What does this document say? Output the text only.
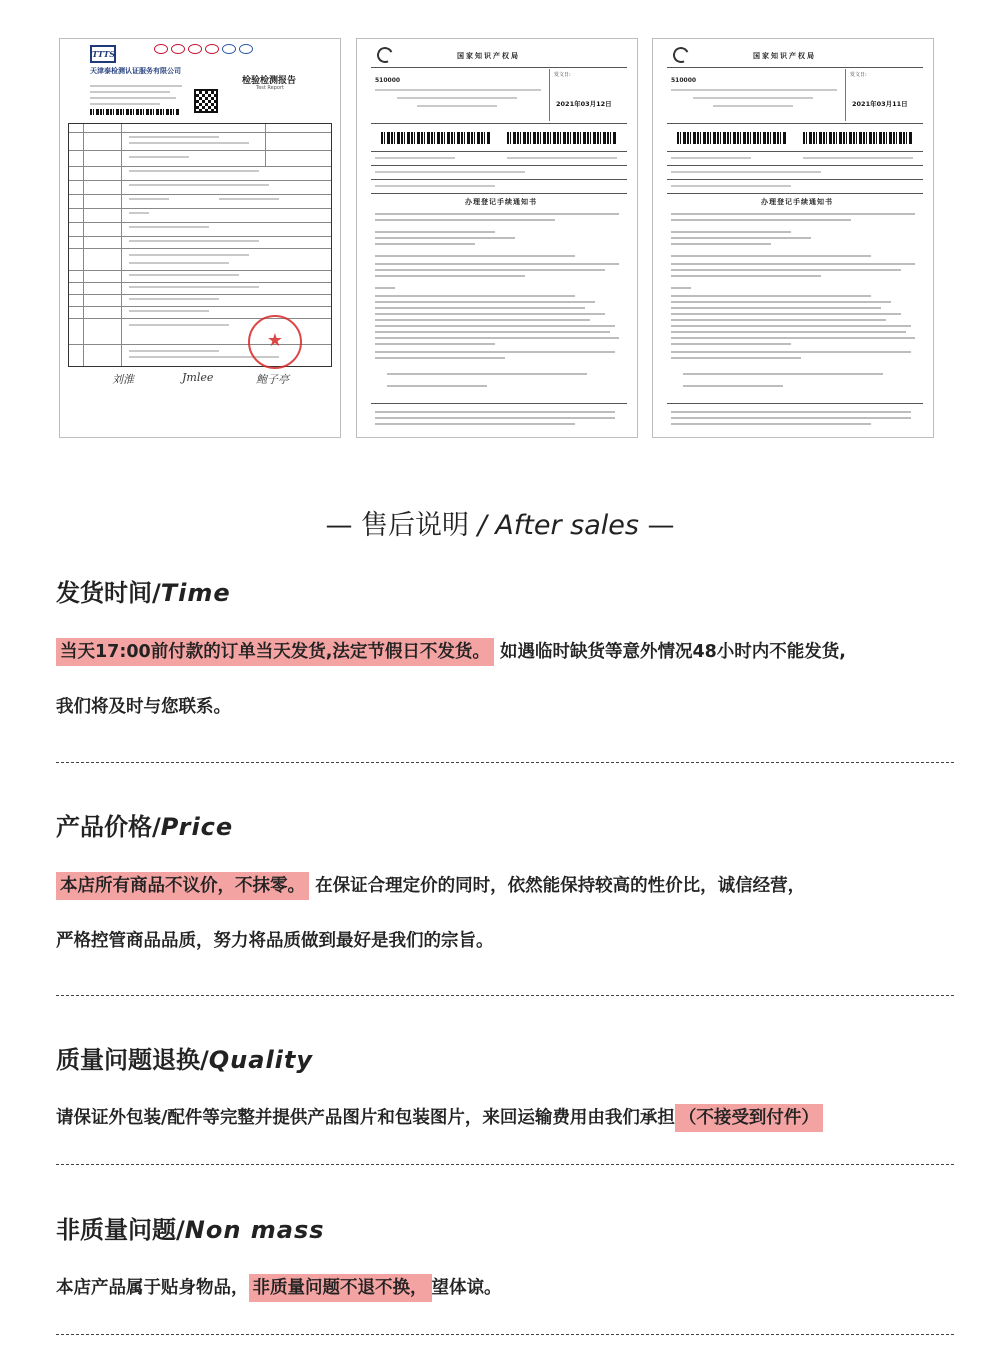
TTTS
天津泰检测认证服务有限公司
检验检测报告
Test Report
★
刘淮	Jmlee	鲍子亭
国家知识产权局
510000
发文日:
2021年03月12日
办理登记手续通知书
国家知识产权局
510000
发文日:
2021年03月11日
办理登记手续通知书
— 售后说明 / After sales —
发货时间/Time
当天17:00前付款的订单当天发货,法定节假日不发货。 如遇临时缺货等意外情况48小时内不能发货,
我们将及时与您联系。
产品价格/Price
本店所有商品不议价，不抹零。 在保证合理定价的同时，依然能保持较高的性价比，诚信经营，
严格控管商品品质，努力将品质做到最好是我们的宗旨。
质量问题退换/Quality
请保证外包装/配件等完整并提供产品图片和包装图片，来回运输费用由我们承担 （不接受到付件）
非质量问题/Non mass
本店产品属于贴身物品， 非质量问题不退不换， 望体谅。
